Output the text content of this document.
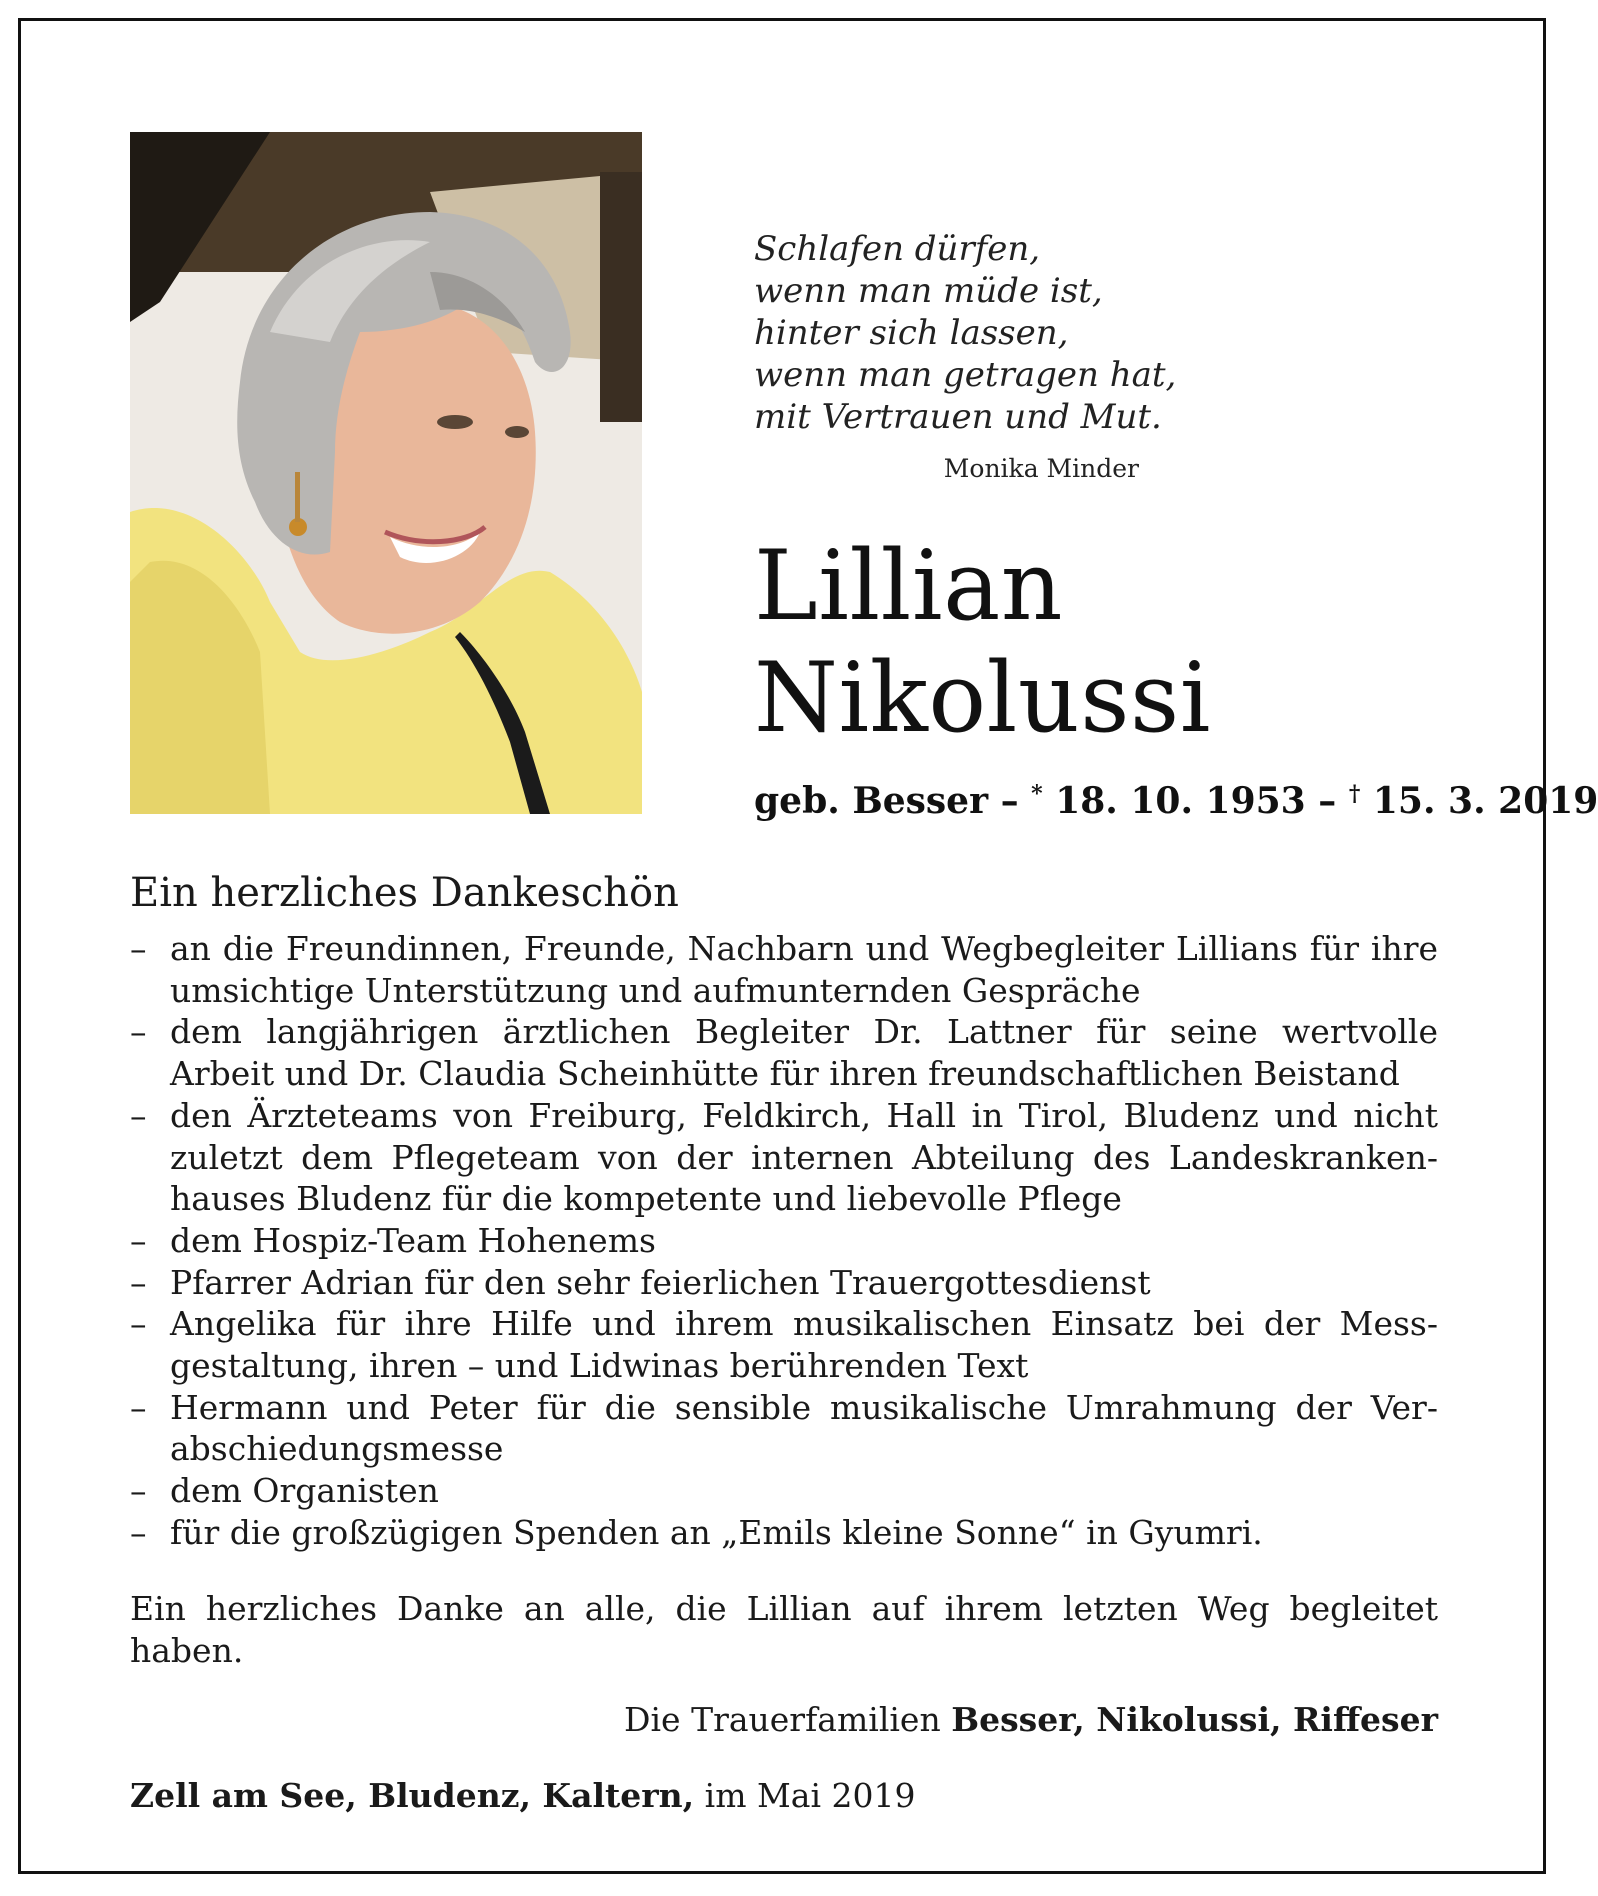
Schlafen dürfen,
wenn man müde ist,
hinter sich lassen,
wenn man getragen hat,
mit Vertrauen und Mut.
Monika Minder
Lillian
Nikolussi
geb. Besser – * 18. 10. 1953 – † 15. 3. 2019
Ein herzliches Dankeschön
– an die Freundinnen, Freunde, Nachbarn und Wegbegleiter Lillians für ihre umsichtige Unterstützung und aufmunternden Gespräche
– dem langjährigen ärztlichen Begleiter Dr. Lattner für seine wertvolle Arbeit und Dr. Claudia Scheinhütte für ihren freundschaftlichen Beistand
– den Ärzteteams von Freiburg, Feldkirch, Hall in Tirol, Bludenz und nicht zuletzt dem Pflegeteam von der internen Abteilung des Landeskrankenhauses Bludenz für die kompetente und liebevolle Pflege
– dem Hospiz-Team Hohenems
– Pfarrer Adrian für den sehr feierlichen Trauergottesdienst
– Angelika für ihre Hilfe und ihrem musikalischen Einsatz bei der Messgestaltung, ihren – und Lidwinas berührenden Text
– Hermann und Peter für die sensible musikalische Umrahmung der Verabschiedungsmesse
– dem Organisten
– für die großzügigen Spenden an „Emils kleine Sonne“ in Gyumri.
Ein herzliches Danke an alle, die Lillian auf ihrem letzten Weg begleitet haben.
Die Trauerfamilien Besser, Nikolussi, Riffeser
Zell am See, Bludenz, Kaltern, im Mai 2019
